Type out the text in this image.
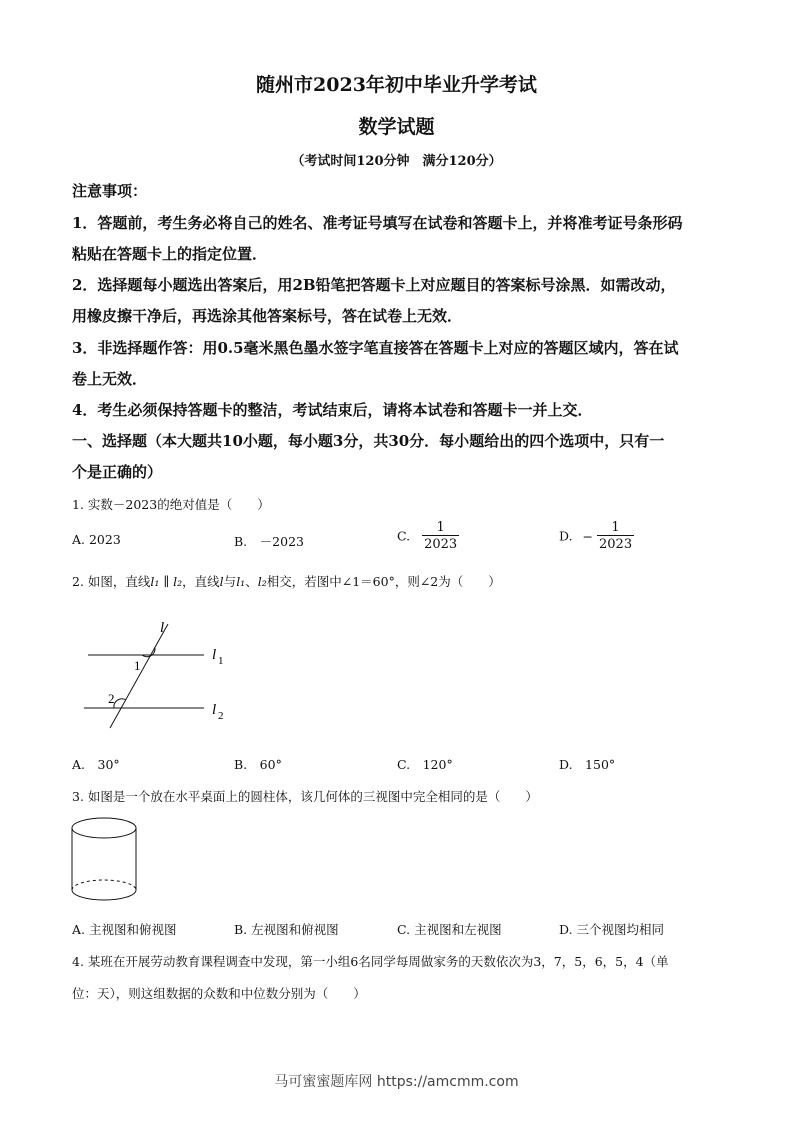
随州市2023年初中毕业升学考试
数学试题
（考试时间120分钟　满分120分）
注意事项：
1．答题前，考生务必将自己的姓名、准考证号填写在试卷和答题卡上，并将准考证号条形码
粘贴在答题卡上的指定位置．
2．选择题每小题选出答案后，用2B铅笔把答题卡上对应题目的答案标号涂黑．如需改动，
用橡皮擦干净后，再选涂其他答案标号，答在试卷上无效．
3．非选择题作答：用0.5毫米黑色墨水签字笔直接答在答题卡上对应的答题区域内，答在试
卷上无效．
4．考生必须保持答题卡的整洁，考试结束后，请将本试卷和答题卡一并上交．
一、选择题（本大题共10小题，每小题3分，共30分．每小题给出的四个选项中，只有一
个是正确的）
1. 实数－2023的绝对值是（　　）
A. 2023	B.　－2023	C. $\frac{1}{2023}$	D. − $\frac{1}{2023}$
2. 如图，直线l₁ ∥ l₂，直线l与l₁、l₂相交，若图中∠1＝60°，则∠2为（　　）
l
l 1
l 2
1
2
A.　30°	B.　60°	C.　120°	D.　150°
3. 如图是一个放在水平桌面上的圆柱体，该几何体的三视图中完全相同的是（　　）
A. 主视图和俯视图	B. 左视图和俯视图	C. 主视图和左视图	D. 三个视图均相同
4. 某班在开展劳动教育课程调查中发现，第一小组6名同学每周做家务的天数依次为3，7，5，6，5，4（单
位：天），则这组数据的众数和中位数分别为（　　）
马可蜜蜜题库网 https://amcmm.com
